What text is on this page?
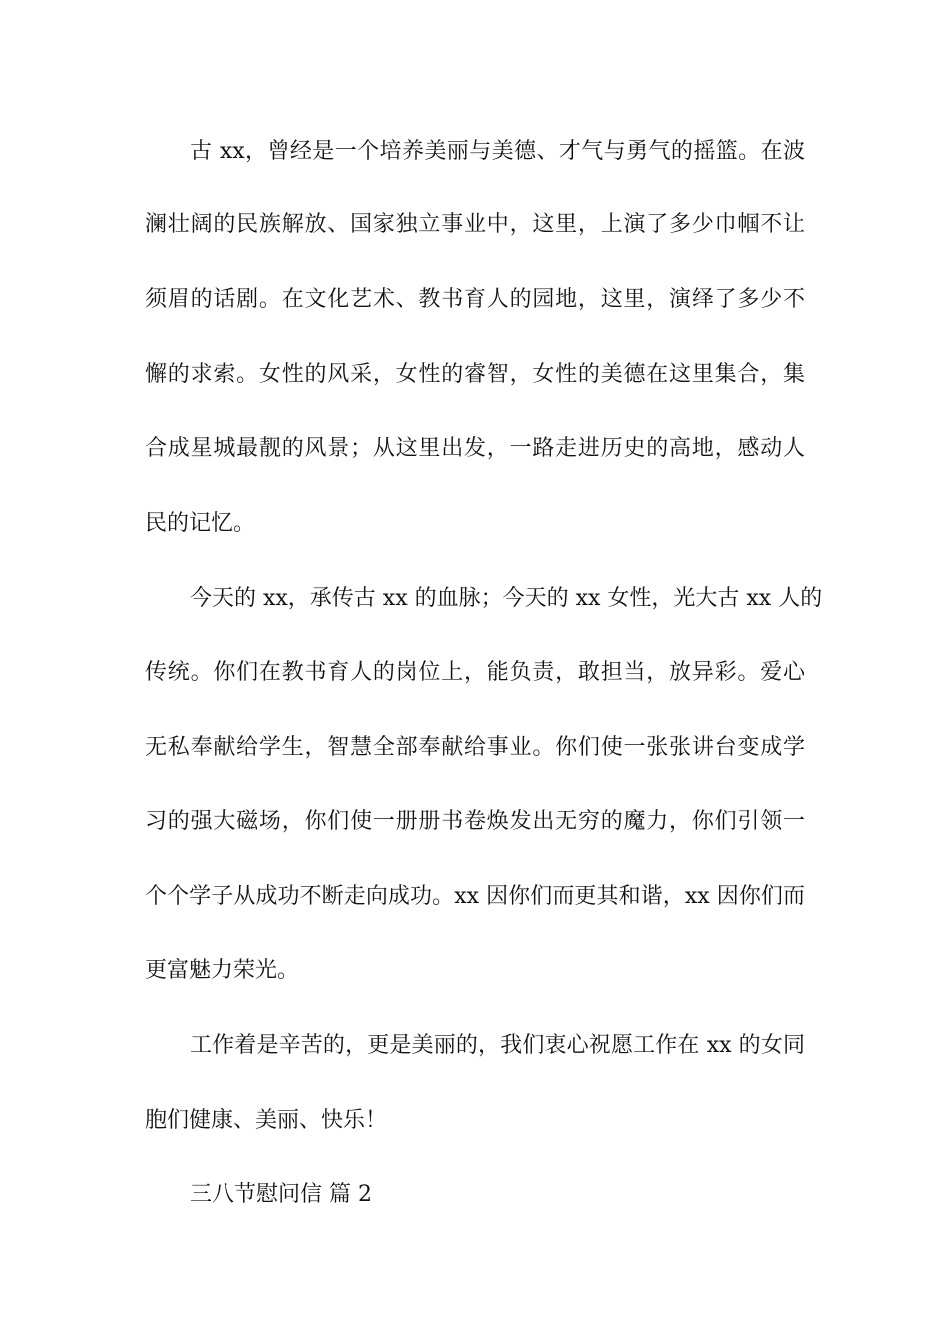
古 xx，曾经是一个培养美丽与美德、才气与勇气的摇篮。在波
澜壮阔的民族解放、国家独立事业中，这里，上演了多少巾帼不让
须眉的话剧。在文化艺术、教书育人的园地，这里，演绎了多少不
懈的求索。女性的风采，女性的睿智，女性的美德在这里集合，集
合成星城最靓的风景；从这里出发，一路走进历史的高地，感动人
民的记忆。
今天的 xx，承传古 xx 的血脉；今天的 xx 女性，光大古 xx 人的
传统。你们在教书育人的岗位上，能负责，敢担当，放异彩。爱心
无私奉献给学生，智慧全部奉献给事业。你们使一张张讲台变成学
习的强大磁场，你们使一册册书卷焕发出无穷的魔力，你们引领一
个个学子从成功不断走向成功。xx 因你们而更其和谐，xx 因你们而
更富魅力荣光。
工作着是辛苦的，更是美丽的，我们衷心祝愿工作在 xx 的女同
胞们健康、美丽、快乐！
三八节慰问信 篇 2
